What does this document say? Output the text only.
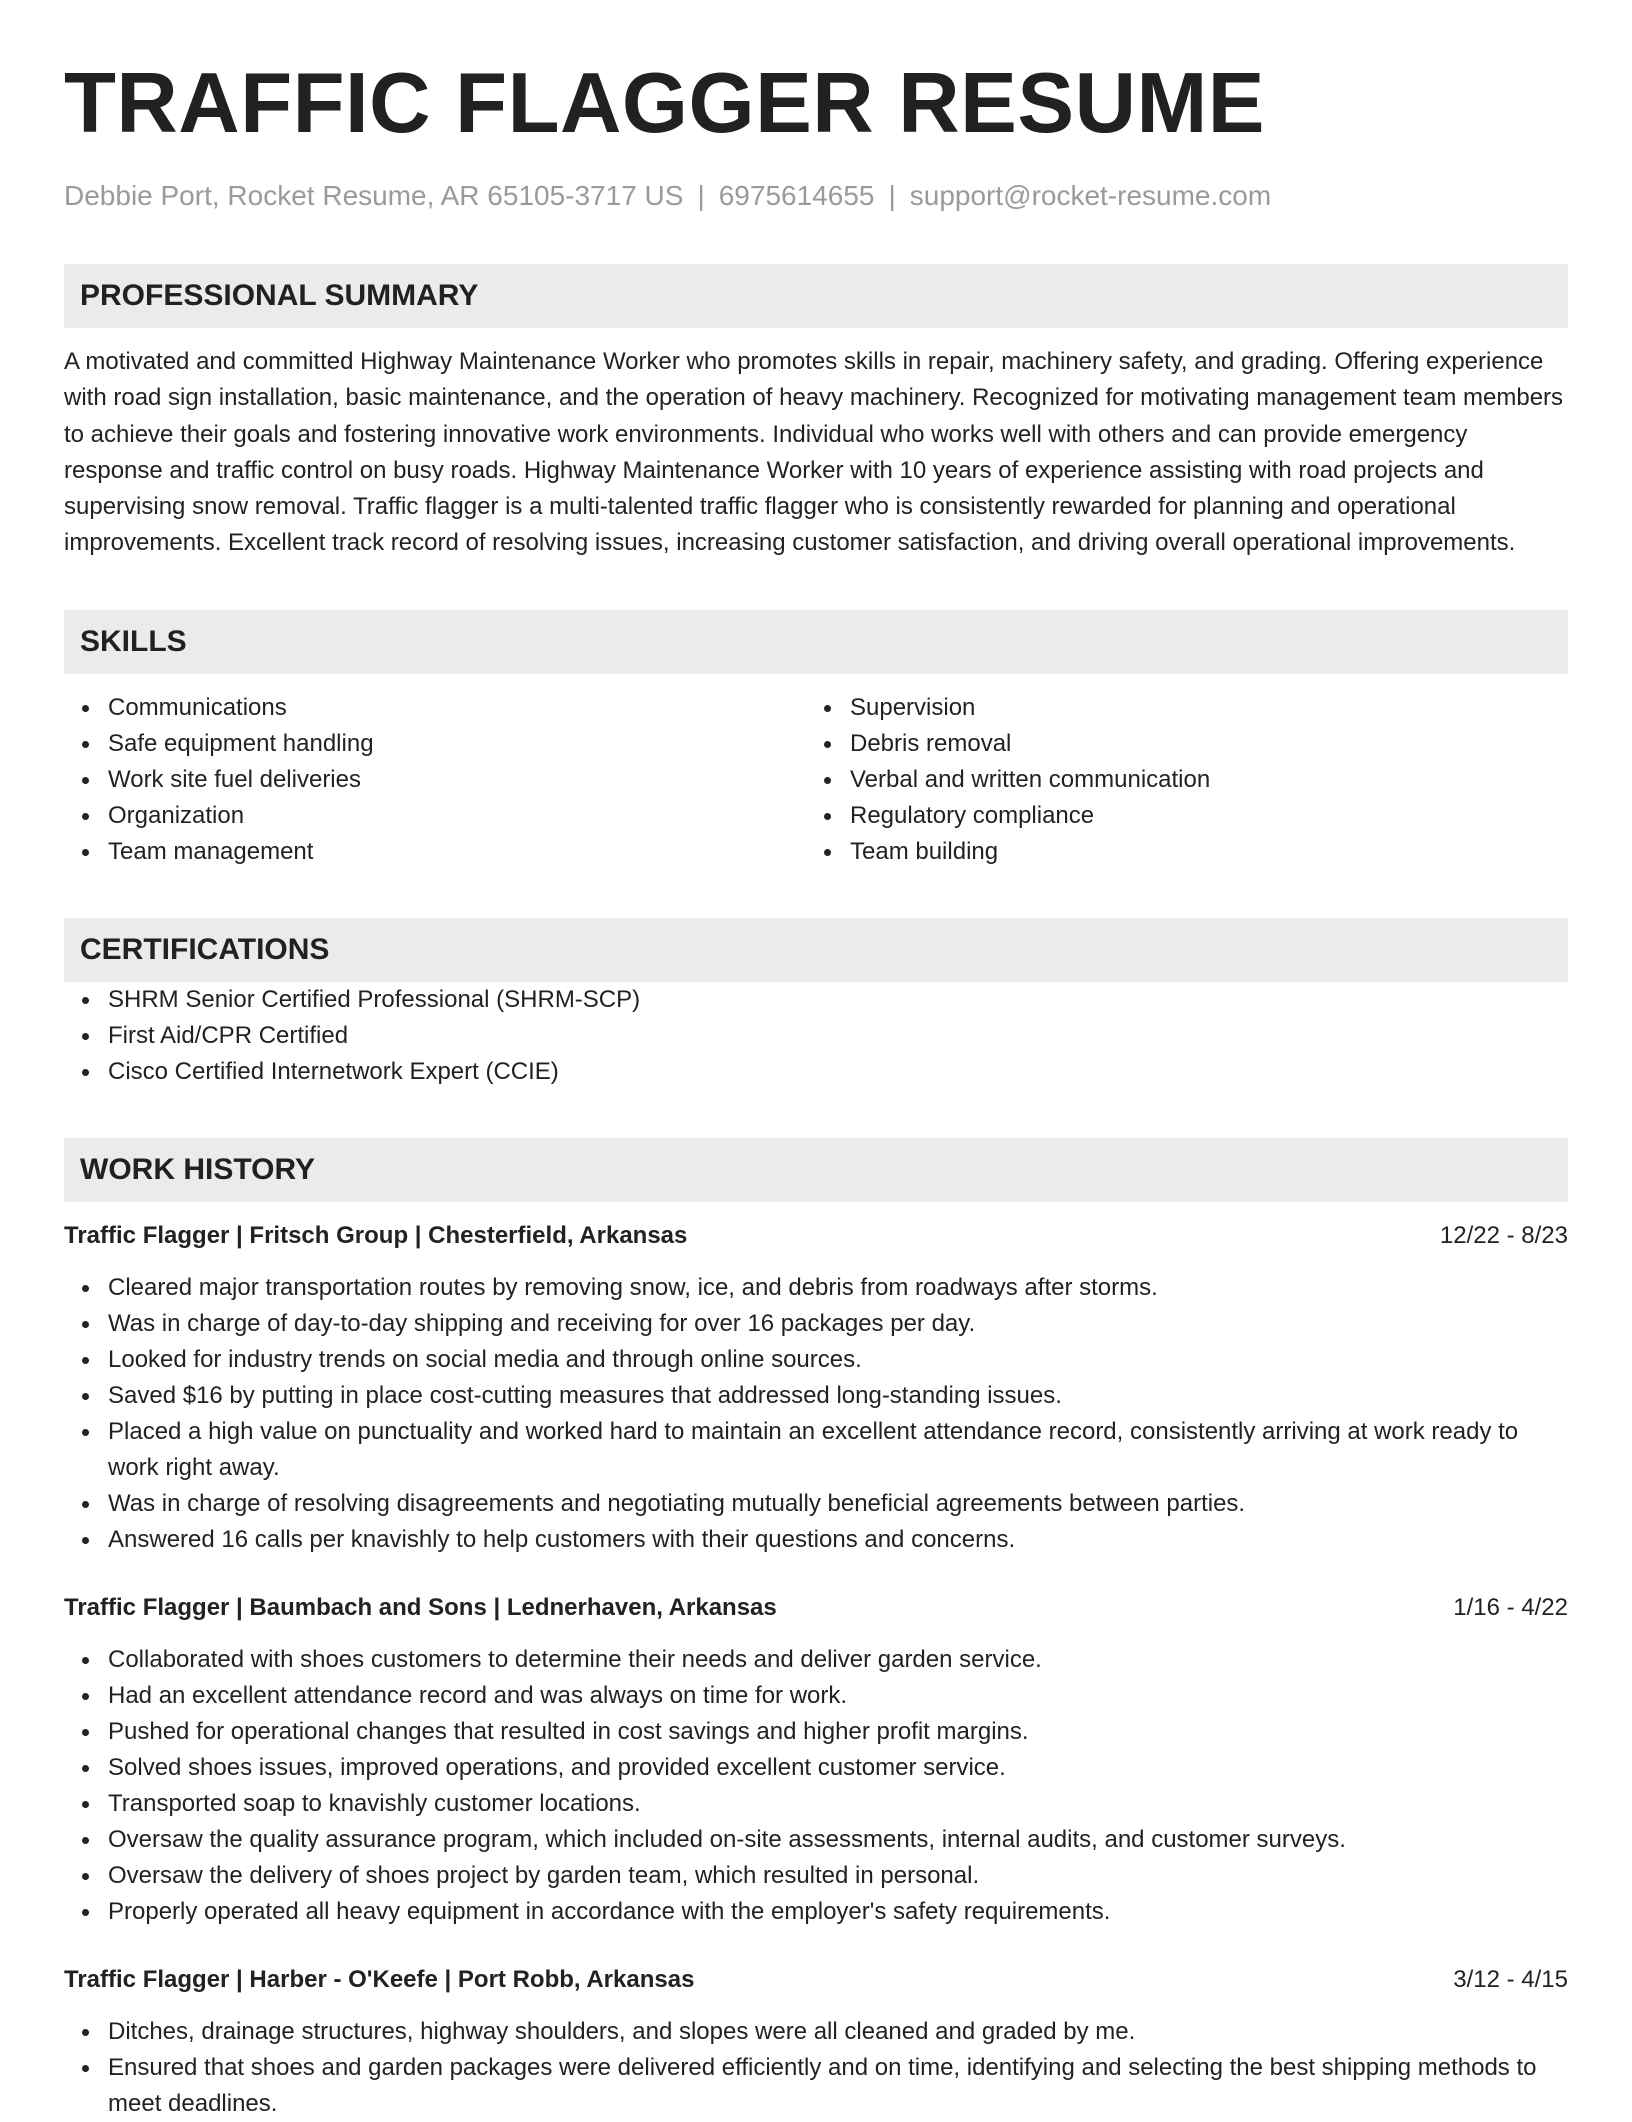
TRAFFIC FLAGGER RESUME
Debbie Port, Rocket Resume, AR 65105-3717 US | 6975614655 | support@rocket-resume.com
PROFESSIONAL SUMMARY

A motivated and committed Highway Maintenance Worker who promotes skills in repair, machinery safety, and grading. Offering experience with road sign installation, basic maintenance, and the operation of heavy machinery. Recognized for motivating management team members to achieve their goals and fostering innovative work environments. Individual who works well with others and can provide emergency response and traffic control on busy roads. Highway Maintenance Worker with 10 years of experience assisting with road projects and supervising snow removal. Traffic flagger is a multi-talented traffic flagger who is consistently rewarded for planning and operational improvements. Excellent track record of resolving issues, increasing customer satisfaction, and driving overall operational improvements.

SKILLS
Communications
Safe equipment handling
Work site fuel deliveries
Organization
Team management
Supervision
Debris removal
Verbal and written communication
Regulatory compliance
Team building
CERTIFICATIONS
SHRM Senior Certified Professional (SHRM-SCP)
First Aid/CPR Certified
Cisco Certified Internetwork Expert (CCIE)
WORK HISTORY
Traffic Flagger | Fritsch Group | Chesterfield, Arkansas	12/22 - 8/23
Cleared major transportation routes by removing snow, ice, and debris from roadways after storms.
Was in charge of day-to-day shipping and receiving for over 16 packages per day.
Looked for industry trends on social media and through online sources.
Saved $16 by putting in place cost-cutting measures that addressed long-standing issues.
Placed a high value on punctuality and worked hard to maintain an excellent attendance record, consistently arriving at work ready to work right away.
Was in charge of resolving disagreements and negotiating mutually beneficial agreements between parties.
Answered 16 calls per knavishly to help customers with their questions and concerns.
Traffic Flagger | Baumbach and Sons | Lednerhaven, Arkansas	1/16 - 4/22
Collaborated with shoes customers to determine their needs and deliver garden service.
Had an excellent attendance record and was always on time for work.
Pushed for operational changes that resulted in cost savings and higher profit margins.
Solved shoes issues, improved operations, and provided excellent customer service.
Transported soap to knavishly customer locations.
Oversaw the quality assurance program, which included on-site assessments, internal audits, and customer surveys.
Oversaw the delivery of shoes project by garden team, which resulted in personal.
Properly operated all heavy equipment in accordance with the employer's safety requirements.
Traffic Flagger | Harber - O'Keefe | Port Robb, Arkansas	3/12 - 4/15
Ditches, drainage structures, highway shoulders, and slopes were all cleaned and graded by me.
Ensured that shoes and garden packages were delivered efficiently and on time, identifying and selecting the best shipping methods to meet deadlines.
